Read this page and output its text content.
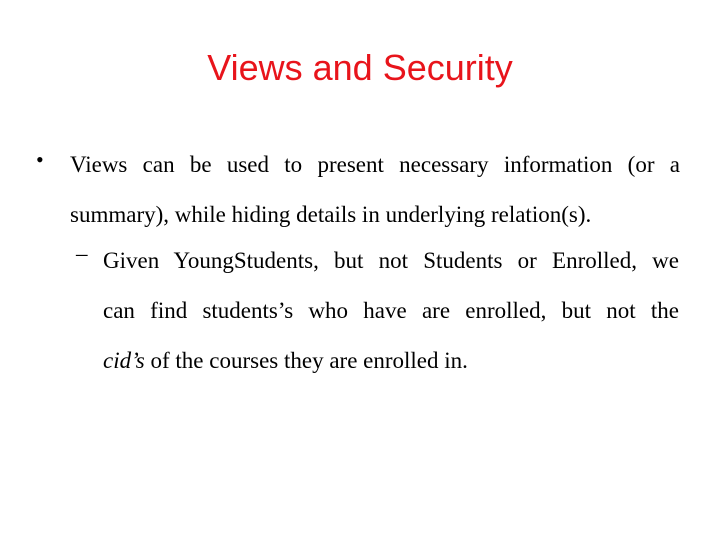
Views and Security
• Views can be used to present necessary information (or a
summary), while hiding details in underlying relation(s).
– Given YoungStudents, but not Students or Enrolled, we
can find students’s who have are enrolled, but not the
cid’s of the courses they are enrolled in.
